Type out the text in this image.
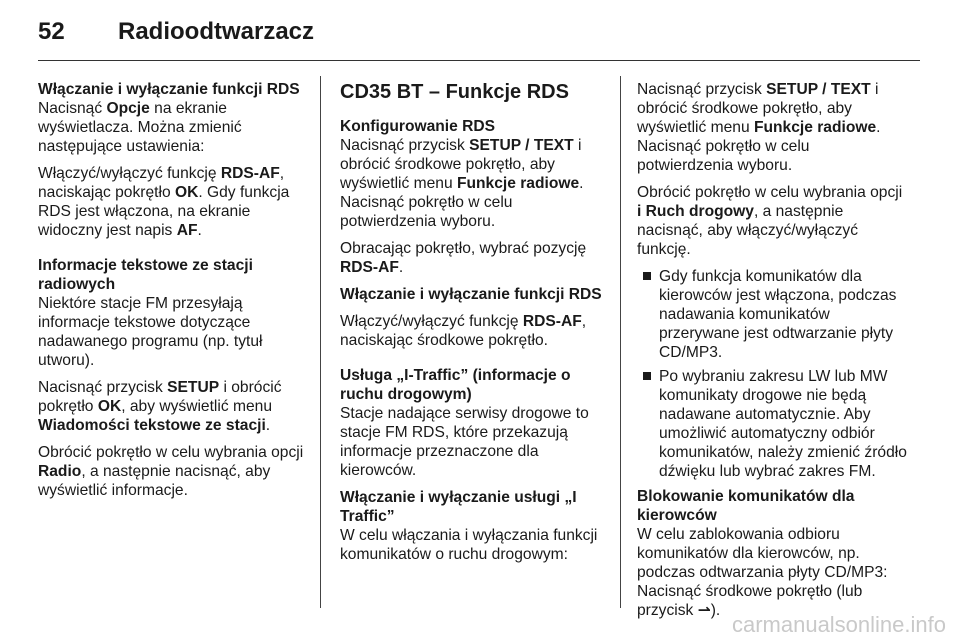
52 Radioodtwarzacz
Włączanie i wyłączanie funkcji RDS

Nacisnąć Opcje na ekranie wyświetlacza. Można zmienić następujące ustawienia:

Włączyć/wyłączyć funkcję RDS-AF, naciskając pokrętło OK. Gdy funkcja RDS jest włączona, na ekranie widoczny jest napis AF.

Informacje tekstowe ze stacji radiowych

Niektóre stacje FM przesyłają informacje tekstowe dotyczące nadawanego programu (np. tytuł utworu).

Nacisnąć przycisk SETUP i obrócić pokrętło OK, aby wyświetlić menu Wiadomości tekstowe ze stacji.

Obrócić pokrętło w celu wybrania opcji Radio, a następnie nacisnąć, aby wyświetlić informacje.

CD35 BT – Funkcje RDS
Konfigurowanie RDS

Nacisnąć przycisk SETUP / TEXT i obrócić środkowe pokrętło, aby wyświetlić menu Funkcje radiowe.

Nacisnąć pokrętło w celu potwierdzenia wyboru.

Obracając pokrętło, wybrać pozycję RDS-AF.

Włączanie i wyłączanie funkcji RDS

Włączyć/wyłączyć funkcję RDS-AF, naciskając środkowe pokrętło.

Usługa „I-Traffic” (informacje o ruchu drogowym)

Stacje nadające serwisy drogowe to stacje FM RDS, które przekazują informacje przeznaczone dla kierowców.

Włączanie i wyłączanie usługi „I Traffic”

W celu włączania i wyłączania funkcji komunikatów o ruchu drogowym:

Nacisnąć przycisk SETUP / TEXT i obrócić środkowe pokrętło, aby wyświetlić menu Funkcje radiowe.

Nacisnąć pokrętło w celu potwierdzenia wyboru.

Obrócić pokrętło w celu wybrania opcji i Ruch drogowy, a następnie nacisnąć, aby włączyć/wyłączyć funkcję.

Gdy funkcja komunikatów dla kierowców jest włączona, podczas nadawania komunikatów przerywane jest odtwarzanie płyty CD/MP3.
Po wybraniu zakresu LW lub MW komunikaty drogowe nie będą nadawane automatycznie. Aby umożliwić automatyczny odbiór komunikatów, należy zmienić źródło dźwięku lub wybrać zakres FM.
Blokowanie komunikatów dla kierowców

W celu zablokowania odbioru komunikatów dla kierowców, np. podczas odtwarzania płyty CD/MP3: Nacisnąć środkowe pokrętło (lub
przycisk ⇀).

carmanualsonline.info
